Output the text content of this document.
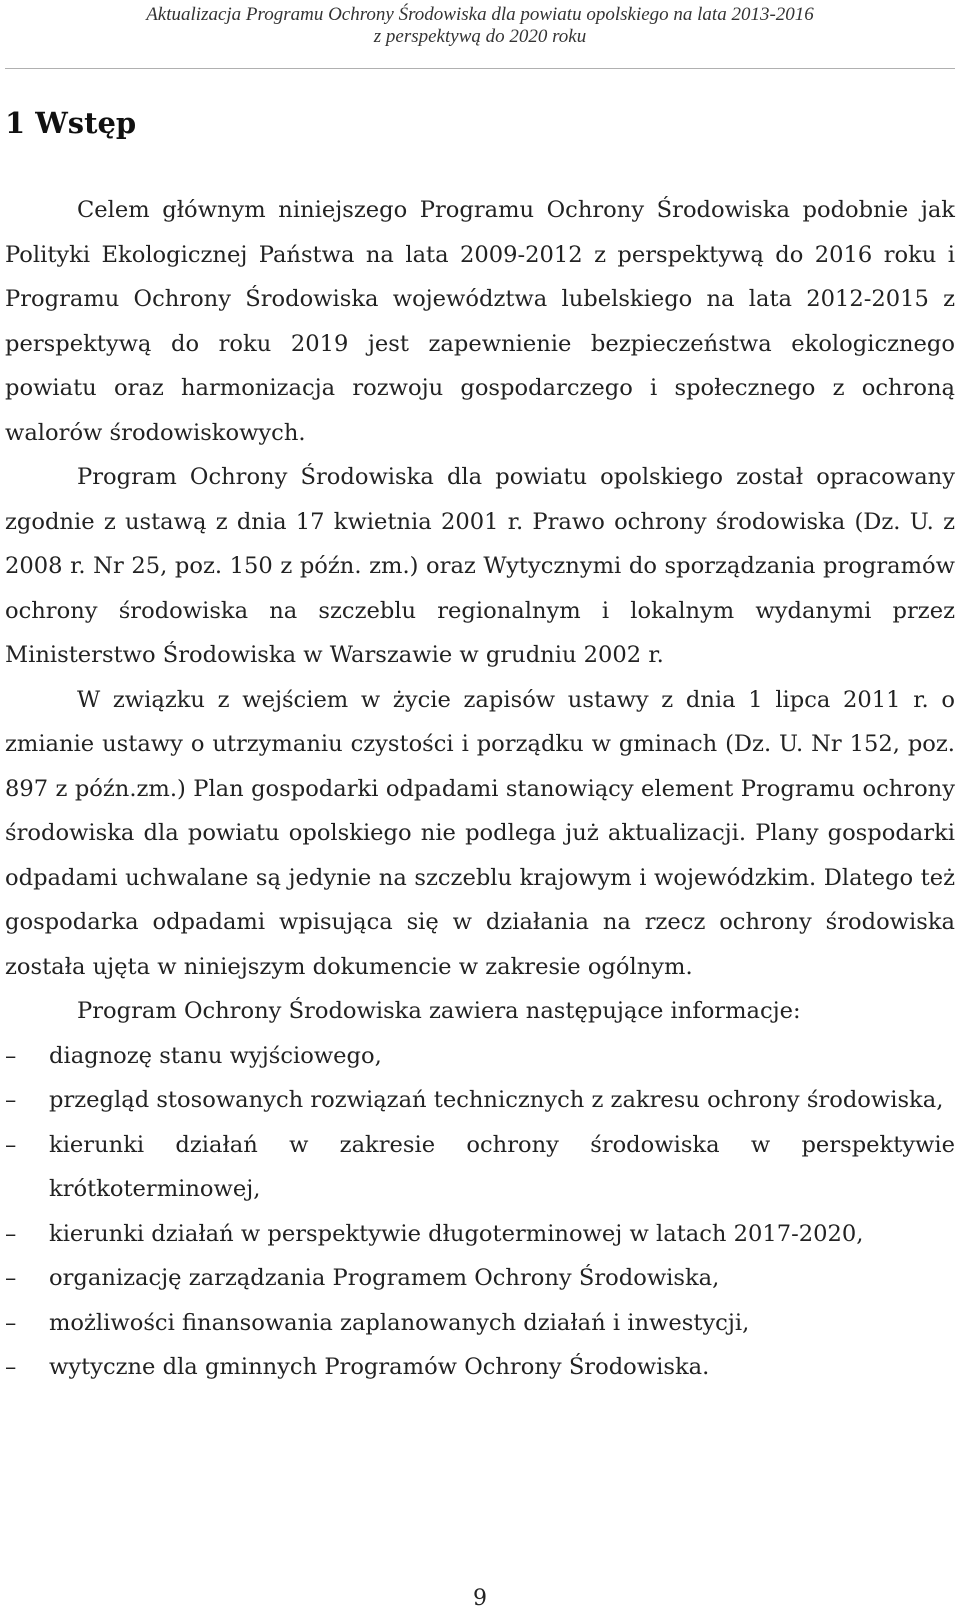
Aktualizacja Programu Ochrony Środowiska dla powiatu opolskiego na lata 2013-2016
z perspektywą do 2020 roku
1 Wstęp

Celem głównym niniejszego Programu Ochrony Środowiska podobnie jak Polityki Ekologicznej Państwa na lata 2009-2012 z perspektywą do 2016 roku i Programu Ochrony Środowiska województwa lubelskiego na lata 2012-2015 z perspektywą do roku 2019 jest zapewnienie bezpieczeństwa ekologicznego powiatu oraz harmonizacja rozwoju gospodarczego i społecznego z ochroną walorów środowiskowych.

Program Ochrony Środowiska dla powiatu opolskiego został opracowany zgodnie z ustawą z dnia 17 kwietnia 2001 r. Prawo ochrony środowiska (Dz. U. z 2008 r. Nr 25, poz. 150 z późn. zm.) oraz Wytycznymi do sporządzania programów ochrony środowiska na szczeblu regionalnym i lokalnym wydanymi przez Ministerstwo Środowiska w Warszawie w grudniu 2002 r.

W związku z wejściem w życie zapisów ustawy z dnia 1 lipca 2011 r. o zmianie ustawy o utrzymaniu czystości i porządku w gminach (Dz. U. Nr 152, poz. 897 z późn.zm.) Plan gospodarki odpadami stanowiący element Programu ochrony środowiska dla powiatu opolskiego nie podlega już aktualizacji. Plany gospodarki odpadami uchwalane są jedynie na szczeblu krajowym i wojewódzkim. Dlatego też gospodarka odpadami wpisująca się w działania na rzecz ochrony środowiska została ujęta w niniejszym dokumencie w zakresie ogólnym.

Program Ochrony Środowiska zawiera następujące informacje:

– diagnozę stanu wyjściowego,
– przegląd stosowanych rozwiązań technicznych z zakresu ochrony środowiska,
– kierunki działań w zakresie ochrony środowiska w perspektywie krótkoterminowej,
– kierunki działań w perspektywie długoterminowej w latach 2017-2020,
– organizację zarządzania Programem Ochrony Środowiska,
– możliwości finansowania zaplanowanych działań i inwestycji,
– wytyczne dla gminnych Programów Ochrony Środowiska.
9
